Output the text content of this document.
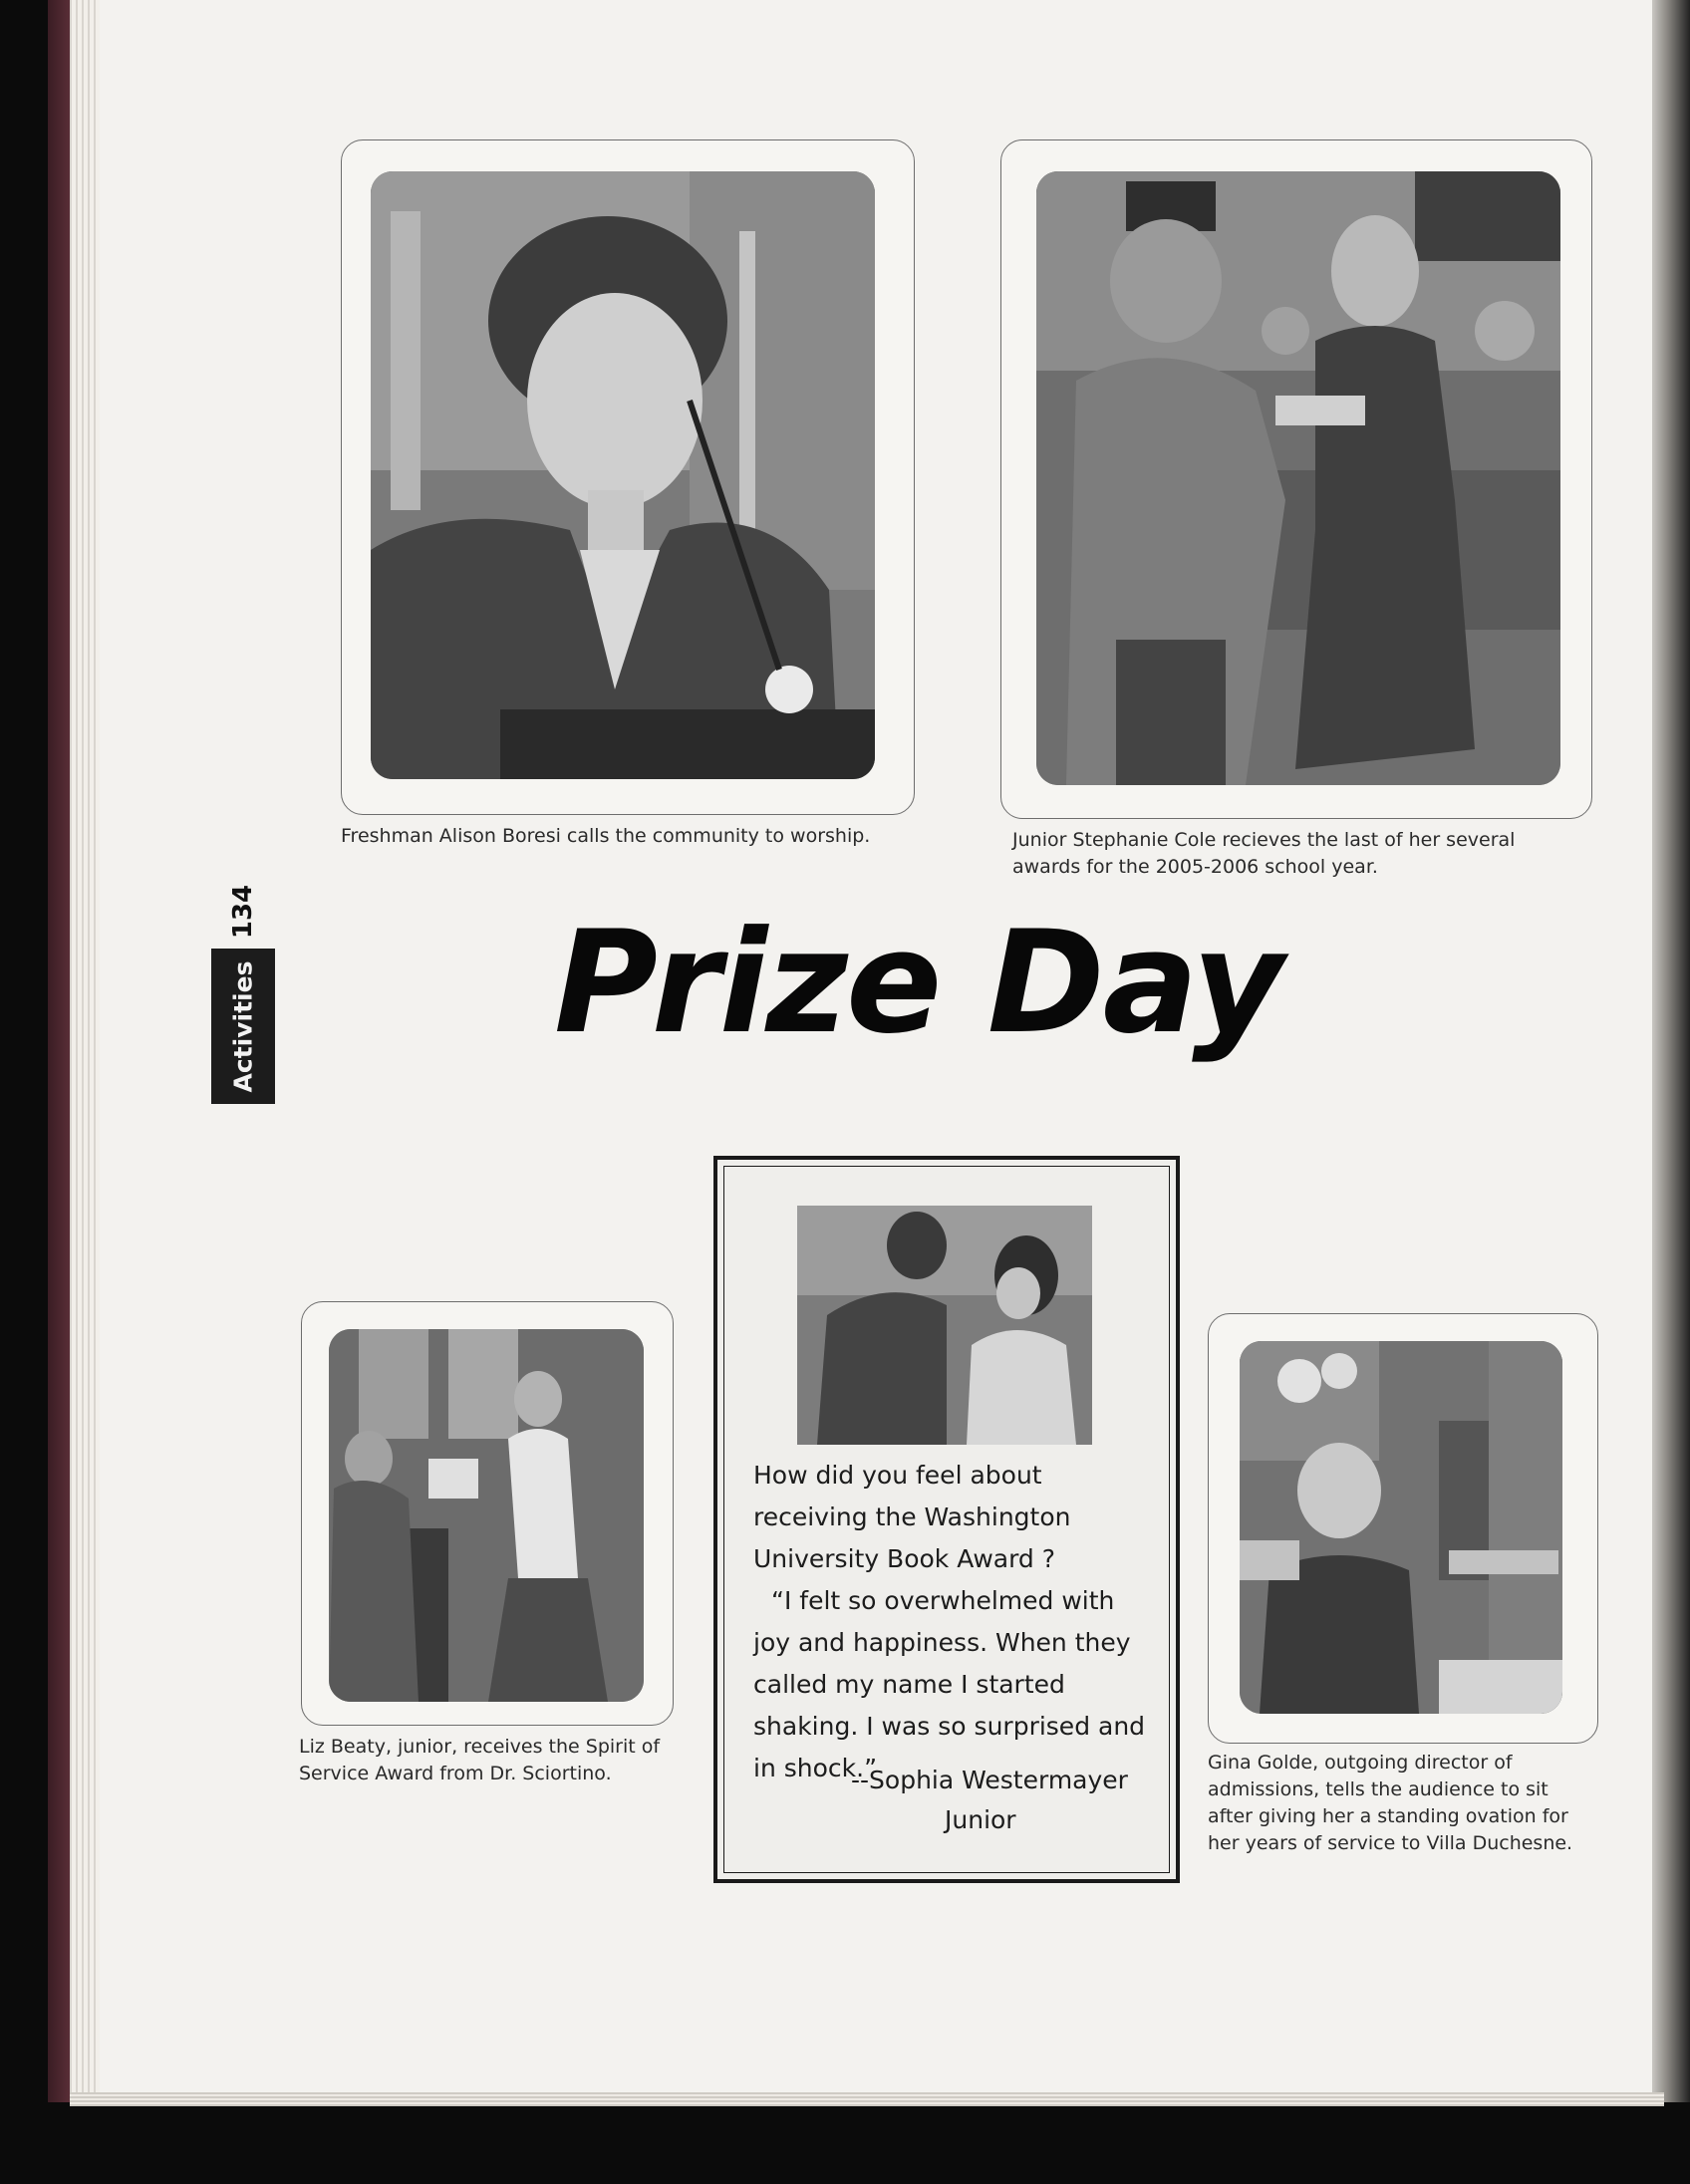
Freshman Alison Boresi calls the community to worship.	Junior Stephanie Cole recieves the last of her several awards for the 2005-2006 school year.

134
Activities Prize Day

How did you feel about receiving the Washington University Book Award ?

“I felt so overwhelmed with joy and happiness. When they called my name I started shaking. I was so surprised and in shock.”

--Sophia Westermayer
Junior

Liz Beaty, junior, receives the Spirit of Service Award from Dr. Sciortino.	Gina Golde, outgoing director of admissions, tells the audience to sit after giving her a standing ovation for her years of service to Villa Duchesne.
